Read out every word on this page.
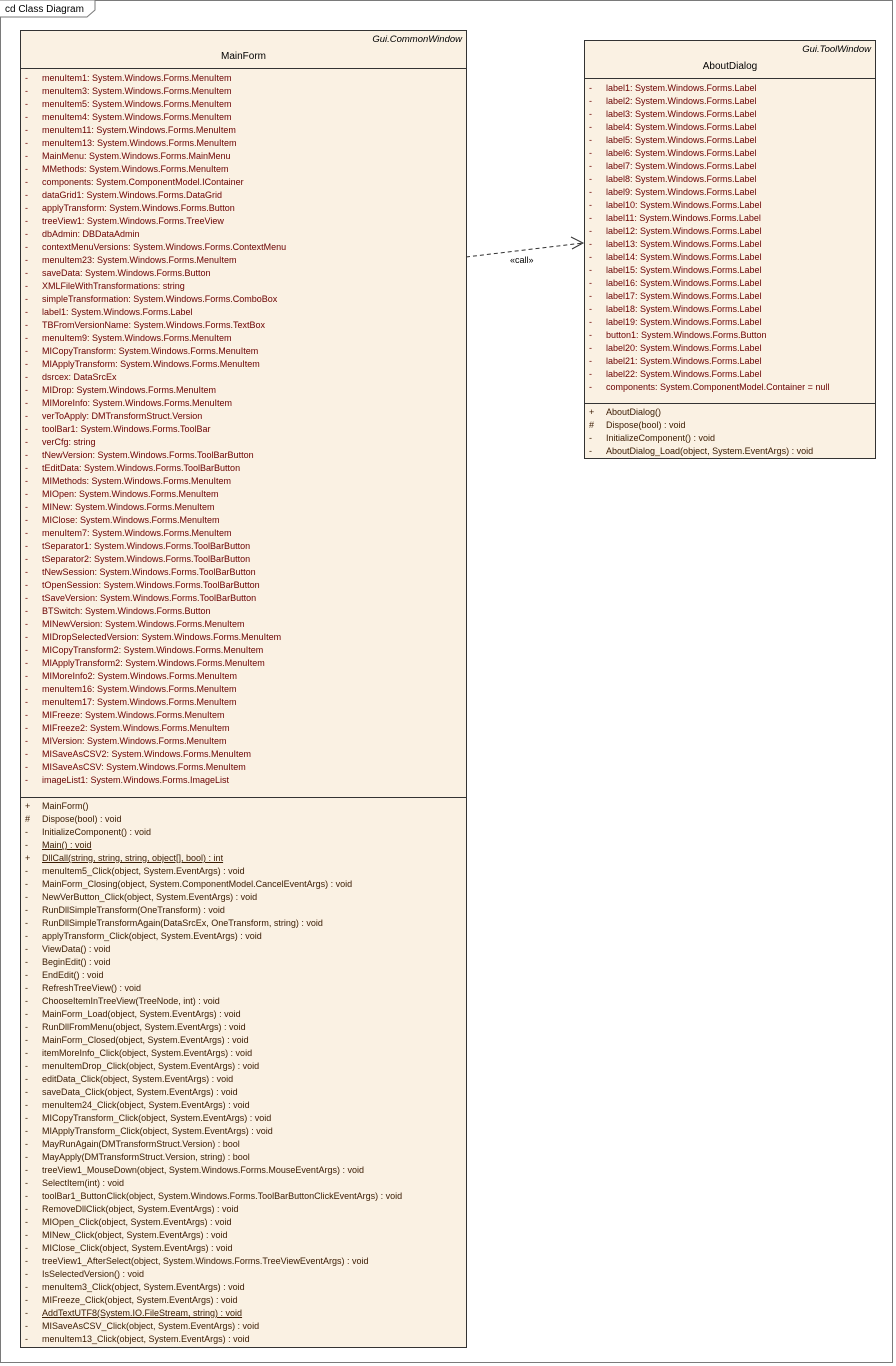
cd Class Diagram
«call»
Gui.CommonWindow
MainForm
-	menuItem1: System.Windows.Forms.MenuItem
-	menuItem3: System.Windows.Forms.MenuItem
-	menuItem5: System.Windows.Forms.MenuItem
-	menuItem4: System.Windows.Forms.MenuItem
-	menuItem11: System.Windows.Forms.MenuItem
-	menuItem13: System.Windows.Forms.MenuItem
-	MainMenu: System.Windows.Forms.MainMenu
-	MMethods: System.Windows.Forms.MenuItem
-	components: System.ComponentModel.IContainer
-	dataGrid1: System.Windows.Forms.DataGrid
-	applyTransform: System.Windows.Forms.Button
-	treeView1: System.Windows.Forms.TreeView
-	dbAdmin: DBDataAdmin
-	contextMenuVersions: System.Windows.Forms.ContextMenu
-	menuItem23: System.Windows.Forms.MenuItem
-	saveData: System.Windows.Forms.Button
-	XMLFileWithTransformations: string
-	simpleTransformation: System.Windows.Forms.ComboBox
-	label1: System.Windows.Forms.Label
-	TBFromVersionName: System.Windows.Forms.TextBox
-	menuItem9: System.Windows.Forms.MenuItem
-	MICopyTransform: System.Windows.Forms.MenuItem
-	MIApplyTransform: System.Windows.Forms.MenuItem
-	dsrcex: DataSrcEx
-	MIDrop: System.Windows.Forms.MenuItem
-	MIMoreInfo: System.Windows.Forms.MenuItem
-	verToApply: DMTransformStruct.Version
-	toolBar1: System.Windows.Forms.ToolBar
-	verCfg: string
-	tNewVersion: System.Windows.Forms.ToolBarButton
-	tEditData: System.Windows.Forms.ToolBarButton
-	MIMethods: System.Windows.Forms.MenuItem
-	MIOpen: System.Windows.Forms.MenuItem
-	MINew: System.Windows.Forms.MenuItem
-	MIClose: System.Windows.Forms.MenuItem
-	menuItem7: System.Windows.Forms.MenuItem
-	tSeparator1: System.Windows.Forms.ToolBarButton
-	tSeparator2: System.Windows.Forms.ToolBarButton
-	tNewSession: System.Windows.Forms.ToolBarButton
-	tOpenSession: System.Windows.Forms.ToolBarButton
-	tSaveVersion: System.Windows.Forms.ToolBarButton
-	BTSwitch: System.Windows.Forms.Button
-	MINewVersion: System.Windows.Forms.MenuItem
-	MIDropSelectedVersion: System.Windows.Forms.MenuItem
-	MICopyTransform2: System.Windows.Forms.MenuItem
-	MIApplyTransform2: System.Windows.Forms.MenuItem
-	MIMoreInfo2: System.Windows.Forms.MenuItem
-	menuItem16: System.Windows.Forms.MenuItem
-	menuItem17: System.Windows.Forms.MenuItem
-	MIFreeze: System.Windows.Forms.MenuItem
-	MIFreeze2: System.Windows.Forms.MenuItem
-	MIVersion: System.Windows.Forms.MenuItem
-	MISaveAsCSV2: System.Windows.Forms.MenuItem
-	MISaveAsCSV: System.Windows.Forms.MenuItem
-	imageList1: System.Windows.Forms.ImageList
+	MainForm()
#	Dispose(bool) : void
-	InitializeComponent() : void
-	Main() : void
+	DllCall(string, string, string, object[], bool) : int
-	menuItem5_Click(object, System.EventArgs) : void
-	MainForm_Closing(object, System.ComponentModel.CancelEventArgs) : void
-	NewVerButton_Click(object, System.EventArgs) : void
-	RunDllSimpleTransform(OneTransform) : void
-	RunDllSimpleTransformAgain(DataSrcEx, OneTransform, string) : void
-	applyTransform_Click(object, System.EventArgs) : void
-	ViewData() : void
-	BeginEdit() : void
-	EndEdit() : void
-	RefreshTreeView() : void
-	ChooseItemInTreeView(TreeNode, int) : void
-	MainForm_Load(object, System.EventArgs) : void
-	RunDllFromMenu(object, System.EventArgs) : void
-	MainForm_Closed(object, System.EventArgs) : void
-	itemMoreInfo_Click(object, System.EventArgs) : void
-	menuItemDrop_Click(object, System.EventArgs) : void
-	editData_Click(object, System.EventArgs) : void
-	saveData_Click(object, System.EventArgs) : void
-	menuItem24_Click(object, System.EventArgs) : void
-	MICopyTransform_Click(object, System.EventArgs) : void
-	MIApplyTransform_Click(object, System.EventArgs) : void
-	MayRunAgain(DMTransformStruct.Version) : bool
-	MayApply(DMTransformStruct.Version, string) : bool
-	treeView1_MouseDown(object, System.Windows.Forms.MouseEventArgs) : void
-	SelectItem(int) : void
-	toolBar1_ButtonClick(object, System.Windows.Forms.ToolBarButtonClickEventArgs) : void
-	RemoveDllClick(object, System.EventArgs) : void
-	MIOpen_Click(object, System.EventArgs) : void
-	MINew_Click(object, System.EventArgs) : void
-	MIClose_Click(object, System.EventArgs) : void
-	treeView1_AfterSelect(object, System.Windows.Forms.TreeViewEventArgs) : void
-	IsSelectedVersion() : void
-	menuItem3_Click(object, System.EventArgs) : void
-	MIFreeze_Click(object, System.EventArgs) : void
-	AddTextUTF8(System.IO.FileStream, string) : void
-	MISaveAsCSV_Click(object, System.EventArgs) : void
-	menuItem13_Click(object, System.EventArgs) : void
Gui.ToolWindow
AboutDialog
-	label1: System.Windows.Forms.Label
-	label2: System.Windows.Forms.Label
-	label3: System.Windows.Forms.Label
-	label4: System.Windows.Forms.Label
-	label5: System.Windows.Forms.Label
-	label6: System.Windows.Forms.Label
-	label7: System.Windows.Forms.Label
-	label8: System.Windows.Forms.Label
-	label9: System.Windows.Forms.Label
-	label10: System.Windows.Forms.Label
-	label11: System.Windows.Forms.Label
-	label12: System.Windows.Forms.Label
-	label13: System.Windows.Forms.Label
-	label14: System.Windows.Forms.Label
-	label15: System.Windows.Forms.Label
-	label16: System.Windows.Forms.Label
-	label17: System.Windows.Forms.Label
-	label18: System.Windows.Forms.Label
-	label19: System.Windows.Forms.Label
-	button1: System.Windows.Forms.Button
-	label20: System.Windows.Forms.Label
-	label21: System.Windows.Forms.Label
-	label22: System.Windows.Forms.Label
-	components: System.ComponentModel.Container = null
+	AboutDialog()
#	Dispose(bool) : void
-	InitializeComponent() : void
-	AboutDialog_Load(object, System.EventArgs) : void
